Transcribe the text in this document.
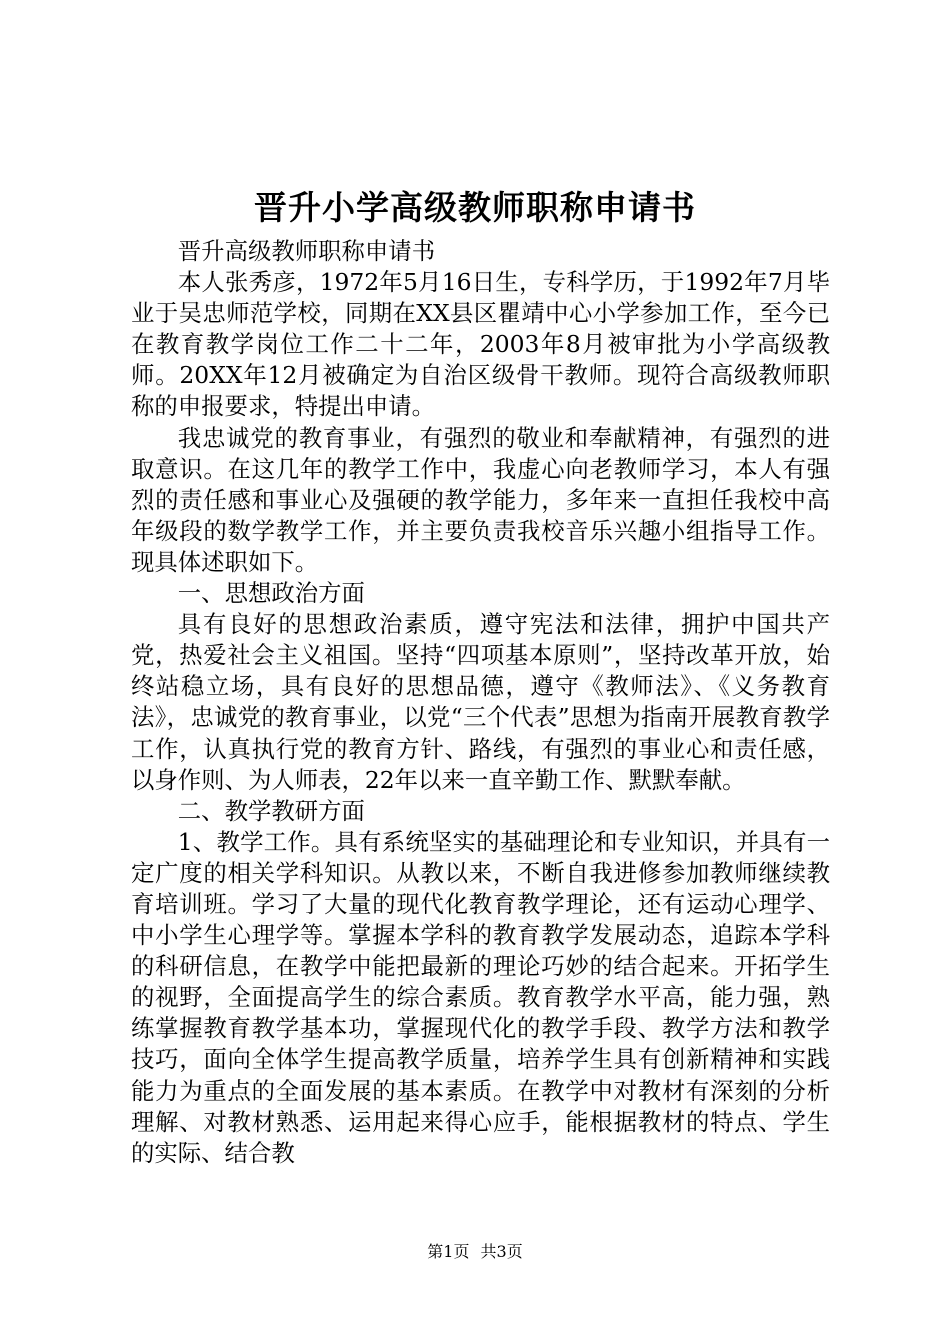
晋升小学高级教师职称申请书

晋升高级教师职称申请书

本人张秀彦，1972年5月16日生，专科学历，于1992年7月毕业于吴忠师范学校，同期在XX县区瞿靖中心小学参加工作，至今已在教育教学岗位工作二十二年，2003年8月被审批为小学高级教师。20XX年12月被确定为自治区级骨干教师。现符合高级教师职称的申报要求，特提出申请。

我忠诚党的教育事业，有强烈的敬业和奉献精神，有强烈的进取意识。在这几年的教学工作中，我虚心向老教师学习，本人有强烈的责任感和事业心及强硬的教学能力，多年来一直担任我校中高年级段的数学教学工作，并主要负责我校音乐兴趣小组指导工作。现具体述职如下。

一、思想政治方面

具有良好的思想政治素质，遵守宪法和法律，拥护中国共产党，热爱社会主义祖国。坚持“四项基本原则”，坚持改革开放，始终站稳立场，具有良好的思想品德，遵守《教师法》、《义务教育法》，忠诚党的教育事业，以党“三个代表”思想为指南开展教育教学工作，认真执行党的教育方针、路线，有强烈的事业心和责任感，以身作则、为人师表，22年以来一直辛勤工作、默默奉献。

二、教学教研方面

1、教学工作。具有系统坚实的基础理论和专业知识，并具有一定广度的相关学科知识。从教以来，不断自我进修参加教师继续教育培训班。学习了大量的现代化教育教学理论，还有运动心理学、中小学生心理学等。掌握本学科的教育教学发展动态，追踪本学科的科研信息，在教学中能把最新的理论巧妙的结合起来。开拓学生的视野，全面提高学生的综合素质。教育教学水平高，能力强，熟练掌握教育教学基本功，掌握现代化的教学手段、教学方法和教学技巧，面向全体学生提高教学质量，培养学生具有创新精神和实践能力为重点的全面发展的基本素质。在教学中对教材有深刻的分析理解、对教材熟悉、运用起来得心应手，能根据教材的特点、学生的实际、结合教

第1页 共3页
